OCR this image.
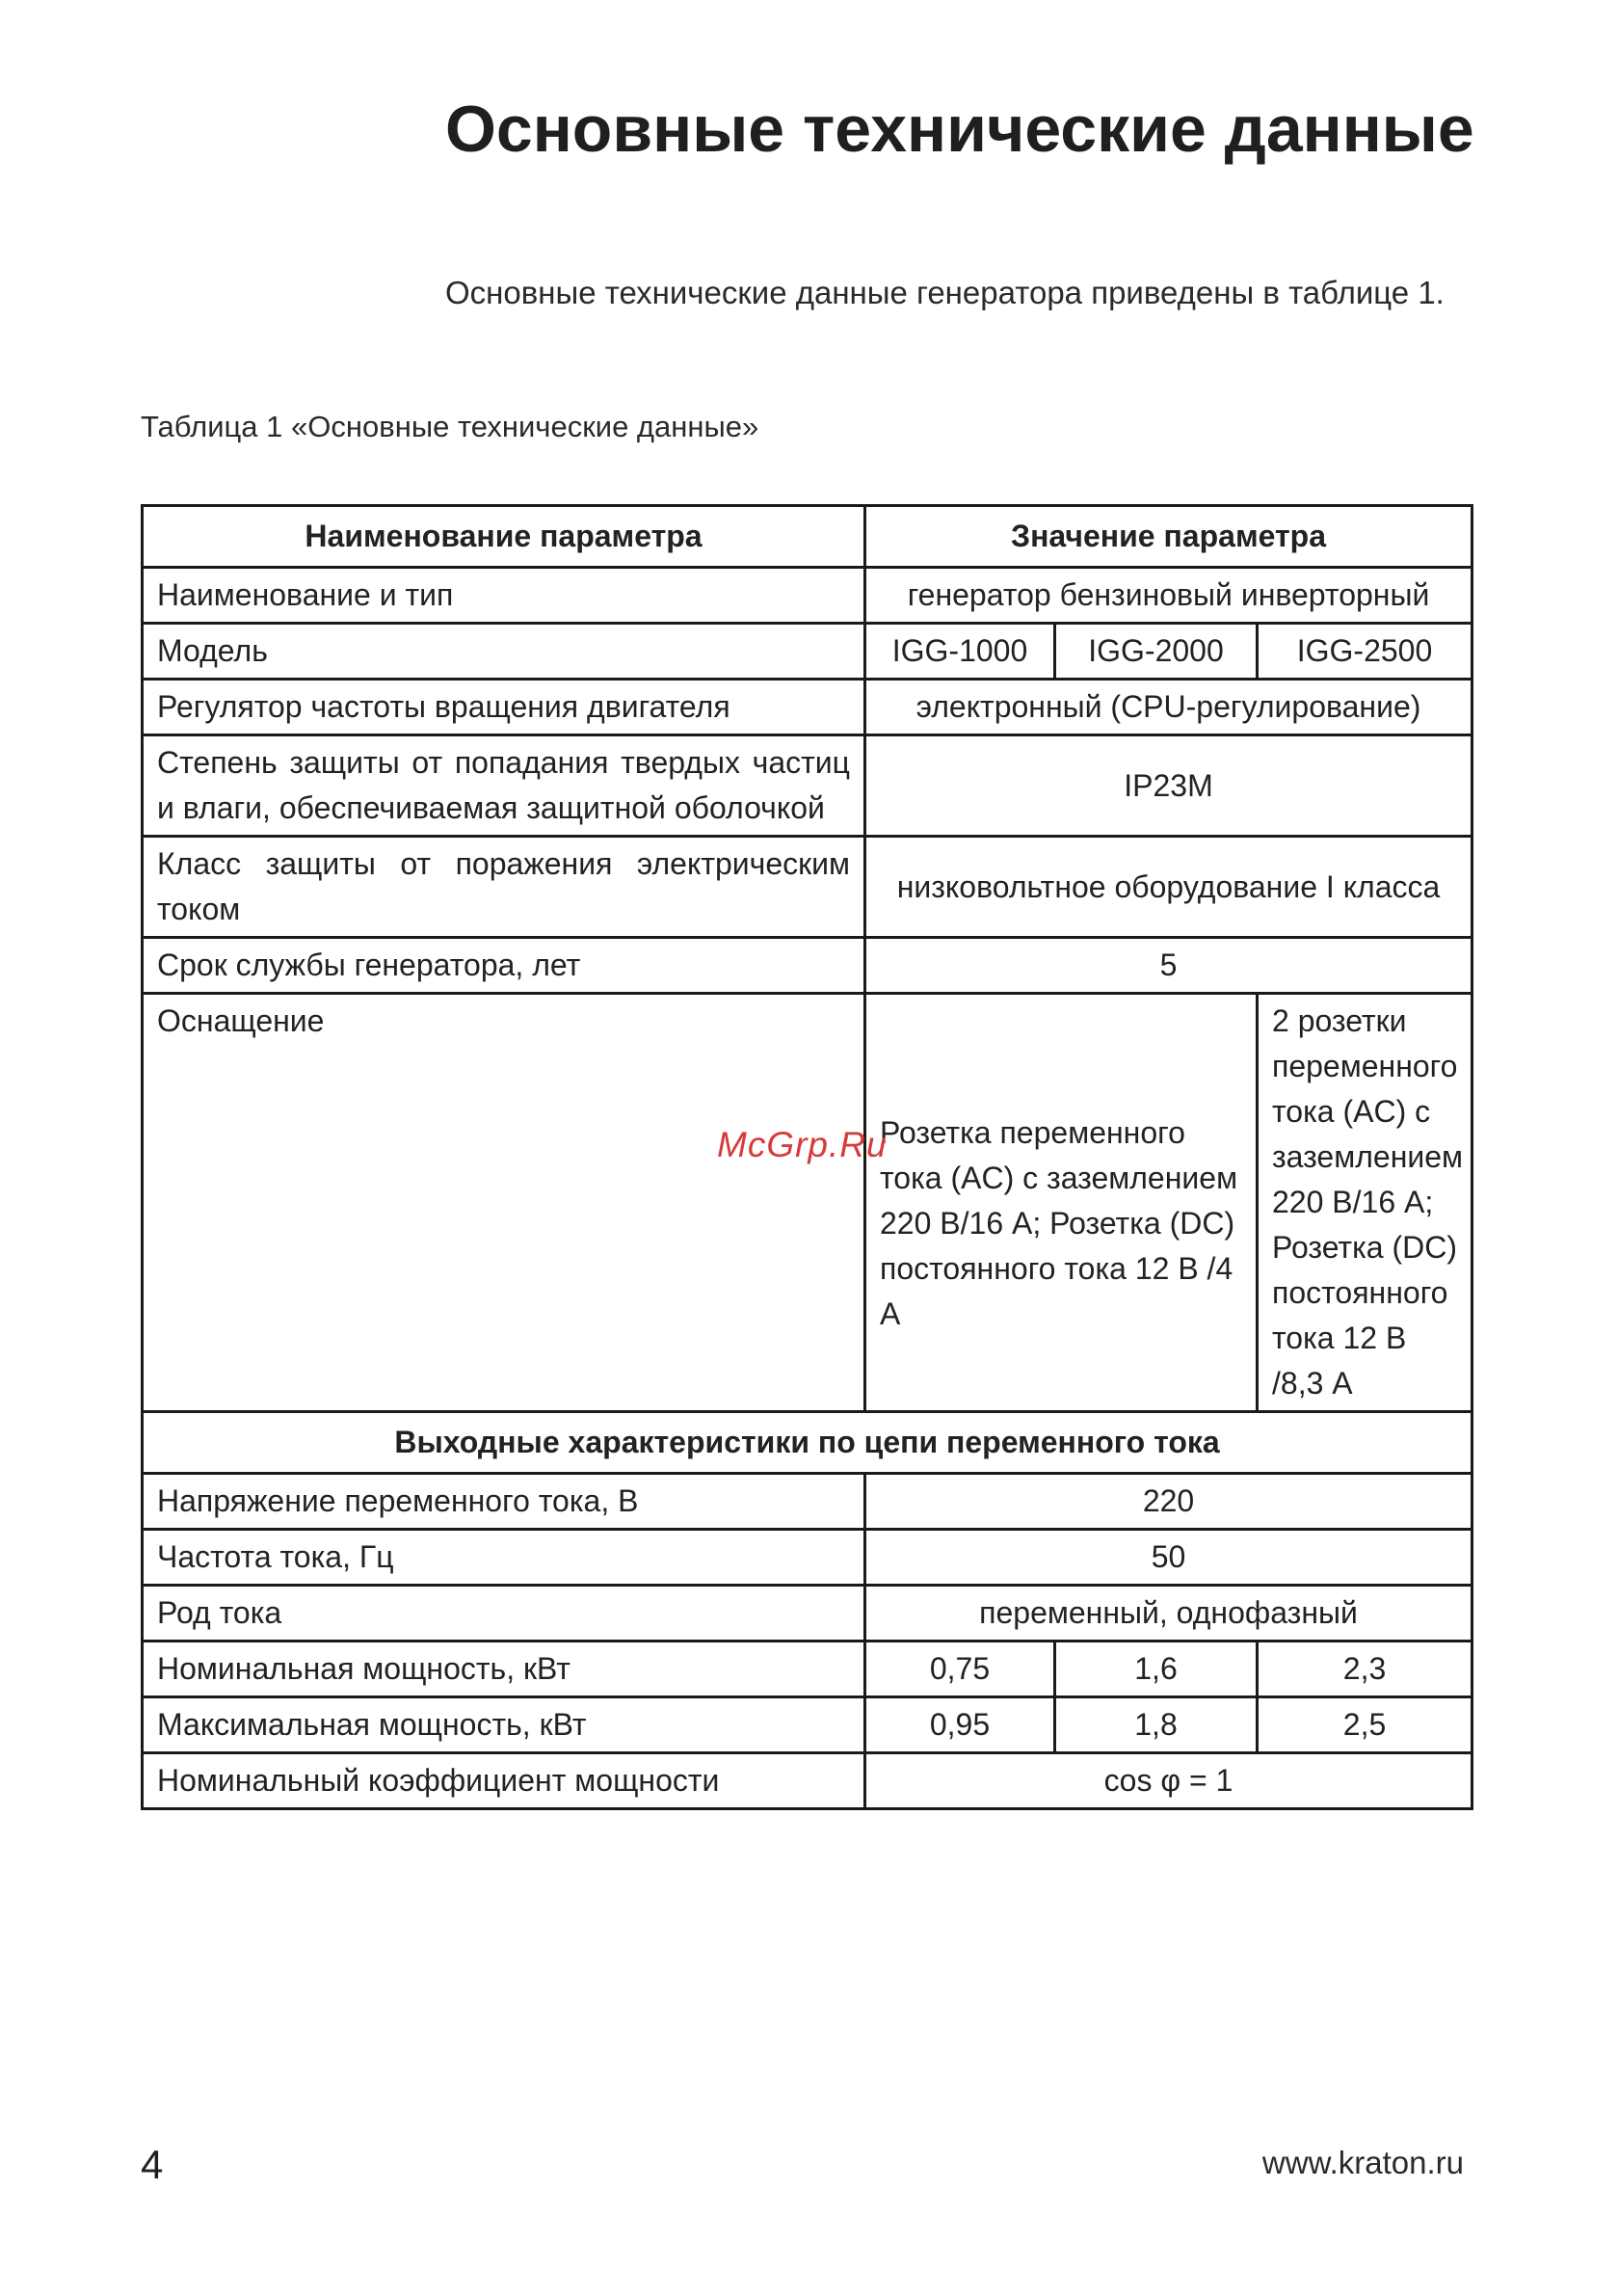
Основные технические данные

Основные технические данные генератора приведены в таблице 1.

Таблица 1 «Основные технические данные»

Наименование параметра	Значение параметра		
Наименование и тип	генератор бензиновый инверторный		
Модель	IGG-1000	IGG-2000	IGG-2500
Регулятор частоты вращения двигателя	электронный (CPU-регулирование)		
Степень защиты от попадания твердых частиц и влаги, обеспечиваемая защитной оболочкой	IP23M		
Класс защиты от поражения электрическим током	низковольтное оборудование I класса		
Срок службы генератора, лет	5		
Оснащение	Розетка переменного тока (AC) с заземлением 220 В/16 А; Розетка (DC) постоянного тока 12 В /4 А		2 розетки переменного тока (AC) с заземлением 220 В/16 А; Розетка (DC) постоянного тока 12 В /8,3 А
Выходные характеристики по цепи переменного тока			
Напряжение переменного тока, В	220		
Частота тока, Гц	50		
Род тока	переменный, однофазный		
Номинальная мощность, кВт	0,75	1,6	2,3
Максимальная мощность, кВт	0,95	1,8	2,5
Номинальный коэффициент мощности	cos φ = 1		
McGrp.Ru
4	www.kraton.ru
